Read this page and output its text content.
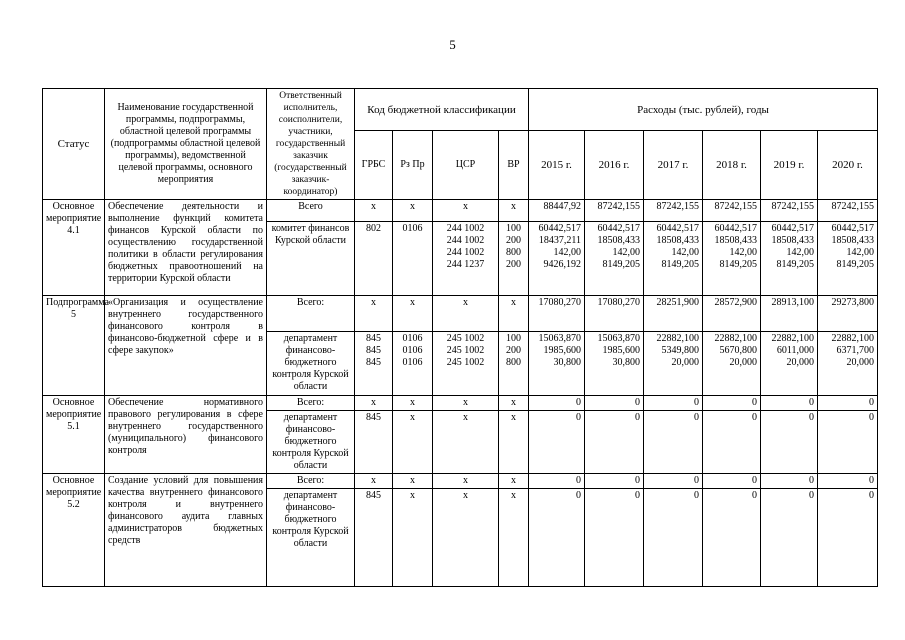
5
Статус	Наименование государственной программы, подпрограммы, областной целевой программы (подпрограммы областной целевой программы), ведомственной целевой программы, основного мероприятия	Ответственный исполнитель, соисполнители, участники, государственный заказчик (государственный заказчик-координатор)	Код бюджетной классификации				Расходы (тыс. рублей), годы					
			ГРБС	Рз Пр	ЦСР	ВР	2015 г.	2016 г.	2017 г.	2018 г.	2019 г.	2020 г.
Основное мероприятие 4.1	Обеспечение деятельности и выполнение функций комитета финансов Курской области по осуществлению государственной политики в области регулирования бюджетных правоотношений на территории Курской области	Всего	x	x	x	x	88447,92	87242,155	87242,155	87242,155	87242,155	87242,155
		комитет финансов Курской области	802	0106	244 1002
244 1002
244 1002
244 1237	100
200
800
200	60442,517
18437,211
142,00
9426,192	60442,517
18508,433
142,00
8149,205	60442,517
18508,433
142,00
8149,205	60442,517
18508,433
142,00
8149,205	60442,517
18508,433
142,00
8149,205	60442,517
18508,433
142,00
8149,205
Подпрограмма 5	«Организация и осуществление внутреннего государственного финансового контроля в финансово-бюджетной сфере и в сфере закупок»	Всего:	x	x	x	x	17080,270	17080,270	28251,900	28572,900	28913,100	29273,800
		департамент финансово-бюджетного контроля Курской области	845
845
845	0106
0106
0106	245 1002
245 1002
245 1002	100
200
800	15063,870
1985,600
30,800	15063,870
1985,600
30,800	22882,100
5349,800
20,000	22882,100
5670,800
20,000	22882,100
6011,000
20,000	22882,100
6371,700
20,000
Основное мероприятие 5.1	Обеспечение нормативного правового регулирования в сфере внутреннего государственного (муниципального) финансового контроля	Всего:	x	x	x	x	0	0	0	0	0	0
		департамент финансово-бюджетного контроля Курской области	845	x	x	x	0	0	0	0	0	0
Основное мероприятие 5.2	Создание условий для повышения качества внутреннего финансового контроля и внутреннего финансового аудита главных администраторов бюджетных средств	Всего:	x	x	x	x	0	0	0	0	0	0
		департамент финансово-бюджетного контроля Курской области	845	x	x	x	0	0	0	0	0	0
